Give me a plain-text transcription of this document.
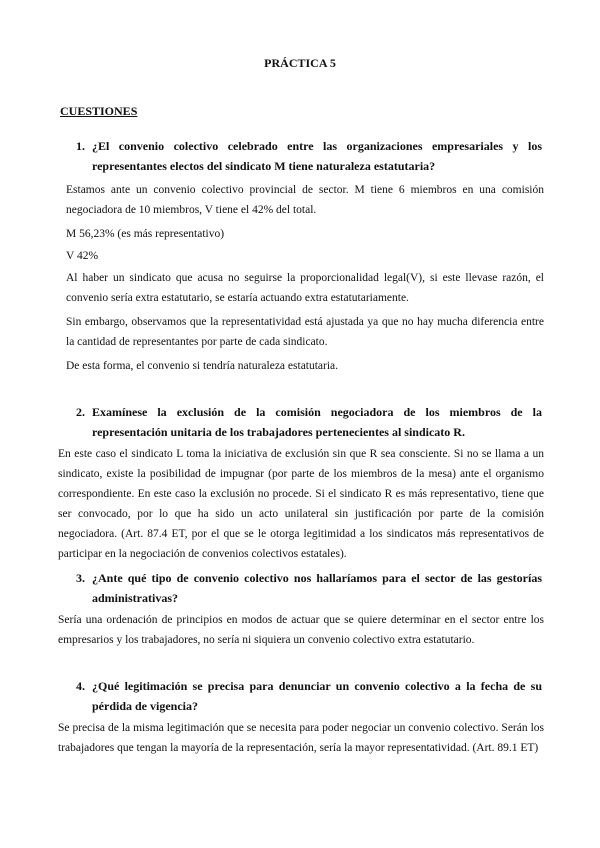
PRÁCTICA 5
CUESTIONES
1. ¿El convenio colectivo celebrado entre las organizaciones empresariales y los representantes electos del sindicato M tiene naturaleza estatutaria?
Estamos ante un convenio colectivo provincial de sector. M tiene 6 miembros en una comisión negociadora de 10 miembros, V tiene el 42% del total.
M 56,23% (es más representativo)
V 42%
Al haber un sindicato que acusa no seguirse la proporcionalidad legal(V), si este llevase razón, el convenio sería extra estatutario, se estaría actuando extra estatutariamente.
Sin embargo, observamos que la representatividad está ajustada ya que no hay mucha diferencia entre la cantidad de representantes por parte de cada sindicato.
De esta forma, el convenio si tendría naturaleza estatutaria.
2. Examínese la exclusión de la comisión negociadora de los miembros de la representación unitaria de los trabajadores pertenecientes al sindicato R.
En este caso el sindicato L toma la iniciativa de exclusión sin que R sea consciente. Si no se llama a un sindicato, existe la posibilidad de impugnar (por parte de los miembros de la mesa) ante el organismo correspondiente. En este caso la exclusión no procede. Si el sindicato R es más representativo, tiene que ser convocado, por lo que ha sido un acto unilateral sin justificación por parte de la comisión negociadora. (Art. 87.4 ET, por el que se le otorga legitimidad a los sindicatos más representativos de participar en la negociación de convenios colectivos estatales).
3. ¿Ante qué tipo de convenio colectivo nos hallaríamos para el sector de las gestorías administrativas?
Sería una ordenación de principios en modos de actuar que se quiere determinar en el sector entre los empresarios y los trabajadores, no sería ni siquiera un convenio colectivo extra estatutario.
4. ¿Qué legitimación se precisa para denunciar un convenio colectivo a la fecha de su pérdida de vigencia?
Se precisa de la misma legitimación que se necesita para poder negociar un convenio colectivo. Serán los trabajadores que tengan la mayoría de la representación, sería la mayor representatividad. (Art. 89.1 ET)
